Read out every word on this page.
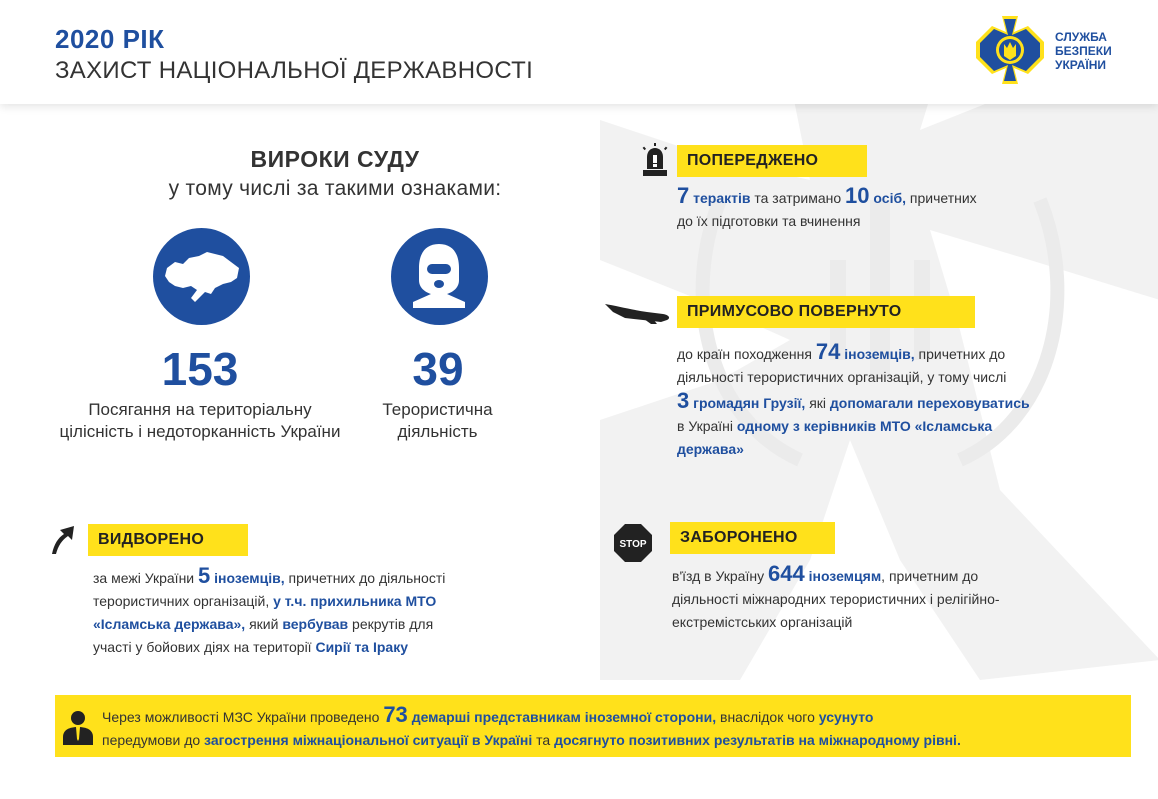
2020 РІК
ЗАХИСТ НАЦІОНАЛЬНОЇ ДЕРЖАВНОСТІ
СЛУЖБА
БЕЗПЕКИ
УКРАЇНИ
ВИРОКИ СУДУ
у тому числі за такими ознаками:
153	39
Посягання на територіальну цілісність і недоторканність України
Терористична діяльність
ПОПЕРЕДЖЕНО
7 терактів та затримано 10 осіб, причетних
до їх підготовки та вчинення
ПРИМУСОВО ПОВЕРНУТО
до країн походження 74 іноземців, причетних до
діяльності терористичних організацій, у тому числі
3 громадян Грузії, які допомагали переховуватись
в Україні одному з керівників МТО «Ісламська
держава»
ВИДВОРЕНО
за межі України 5 іноземців, причетних до діяльності
терористичних організацій, у т.ч. прихильника МТО
«Ісламська держава», який вербував рекрутів для
участі у бойових діях на території Сирії та Іраку
STOP	ЗАБОРОНЕНО
в'їзд в Україну 644 іноземцям, причетним до
діяльності міжнародних терористичних і релігійно-
екстремістських організацій
Через можливості МЗС України проведено 73 демарші представникам іноземної сторони, внаслідок чого усунуто
передумови до загострення міжнаціональної ситуації в Україні та досягнуто позитивних результатів на міжнародному рівні.
